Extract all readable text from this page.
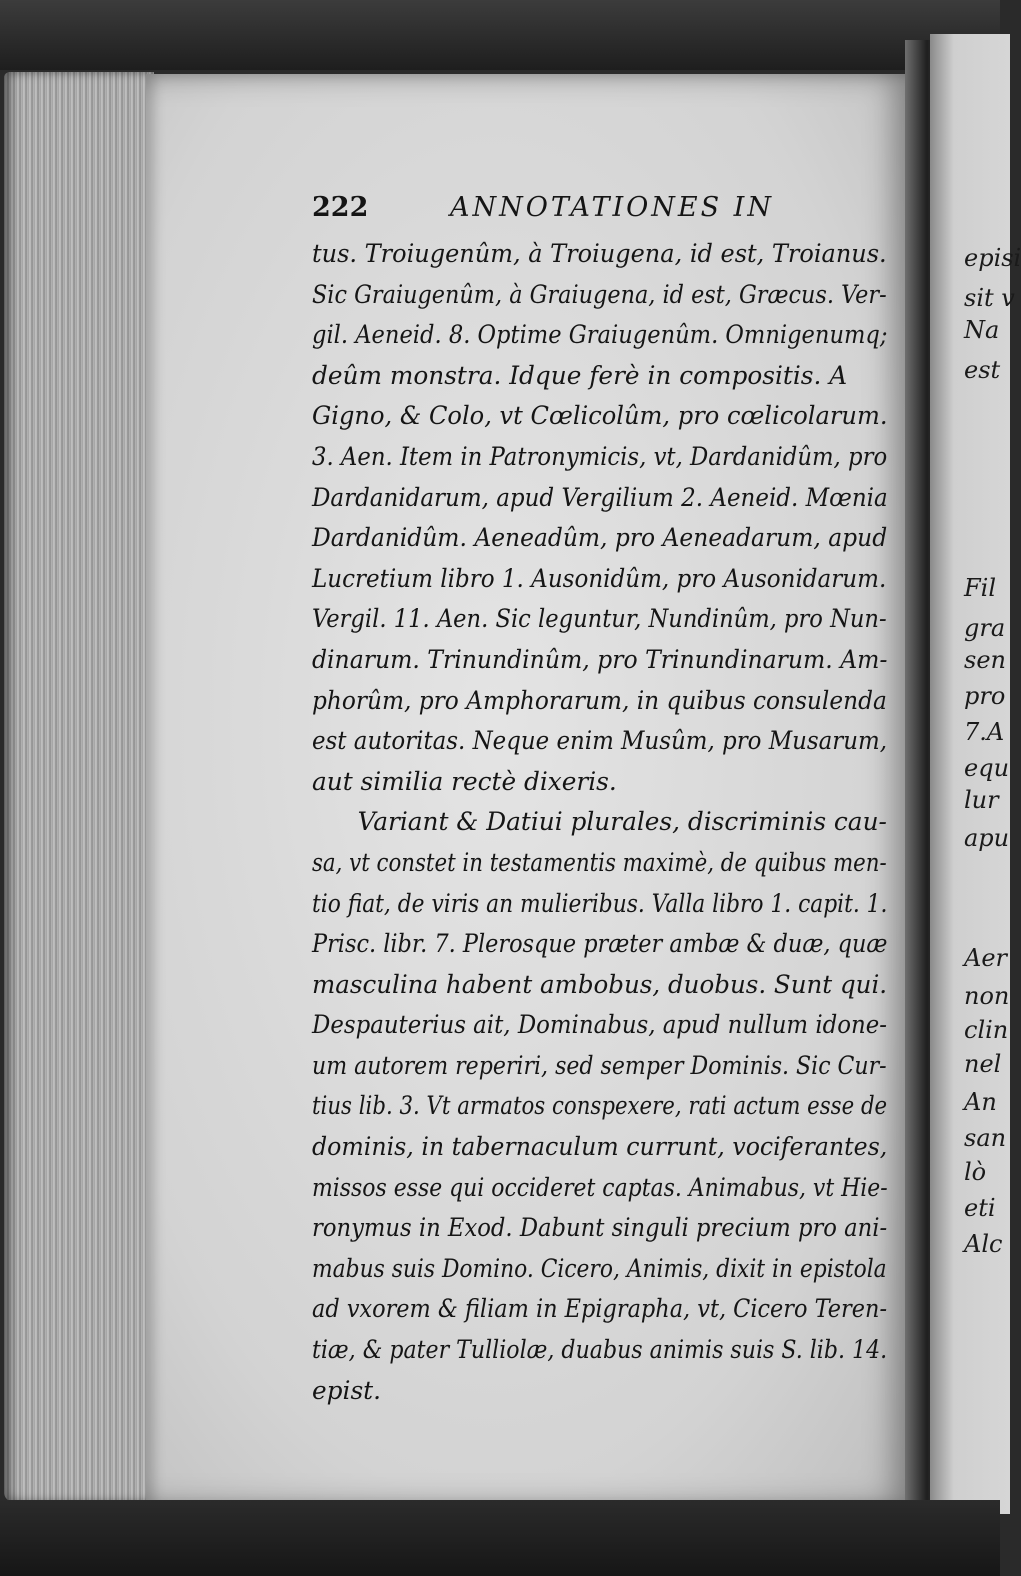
episi
sit v
Na
est
Fil
gra
sen
pro
7.A
equ
lur
apu
Aer
non
clin
nel
An
san
lò
eti
Alc
222	ANNOTATIONES IN
tus. Troiugenûm, à Troiugena, id est, Troianus.
Sic Graiugenûm, à Graiugena, id est, Græcus. Ver-
gil. Aeneid. 8. Optime Graiugenûm. Omnigenumq;
deûm monstra. Idque ferè in compositis. A
Gigno, & Colo, vt Cœlicolûm, pro cœlicolarum.
3. Aen. Item in Patronymicis, vt, Dardanidûm, pro
Dardanidarum, apud Vergilium 2. Aeneid. Mœnia
Dardanidûm. Aeneadûm, pro Aeneadarum, apud
Lucretium libro 1. Ausonidûm, pro Ausonidarum.
Vergil. 11. Aen. Sic leguntur, Nundinûm, pro Nun-
dinarum. Trinundinûm, pro Trinundinarum. Am-
phorûm, pro Amphorarum, in quibus consulenda
est autoritas. Neque enim Musûm, pro Musarum,
aut similia rectè dixeris.
Variant & Datiui plurales, discriminis cau-
sa, vt constet in testamentis maximè, de quibus men-
tio fiat, de viris an mulieribus. Valla libro 1. capit. 1.
Prisc. libr. 7. Plerosque præter ambæ & duæ, quæ
masculina habent ambobus, duobus. Sunt qui.
Despauterius ait, Dominabus, apud nullum idone-
um autorem reperiri, sed semper Dominis. Sic Cur-
tius lib. 3. Vt armatos conspexere, rati actum esse de
dominis, in tabernaculum currunt, vociferantes,
missos esse qui occideret captas. Animabus, vt Hie-
ronymus in Exod. Dabunt singuli precium pro ani-
mabus suis Domino. Cicero, Animis, dixit in epistola
ad vxorem & filiam in Epigrapha, vt, Cicero Teren-
tiæ, & pater Tulliolæ, duabus animis suis S. lib. 14.
epist.
